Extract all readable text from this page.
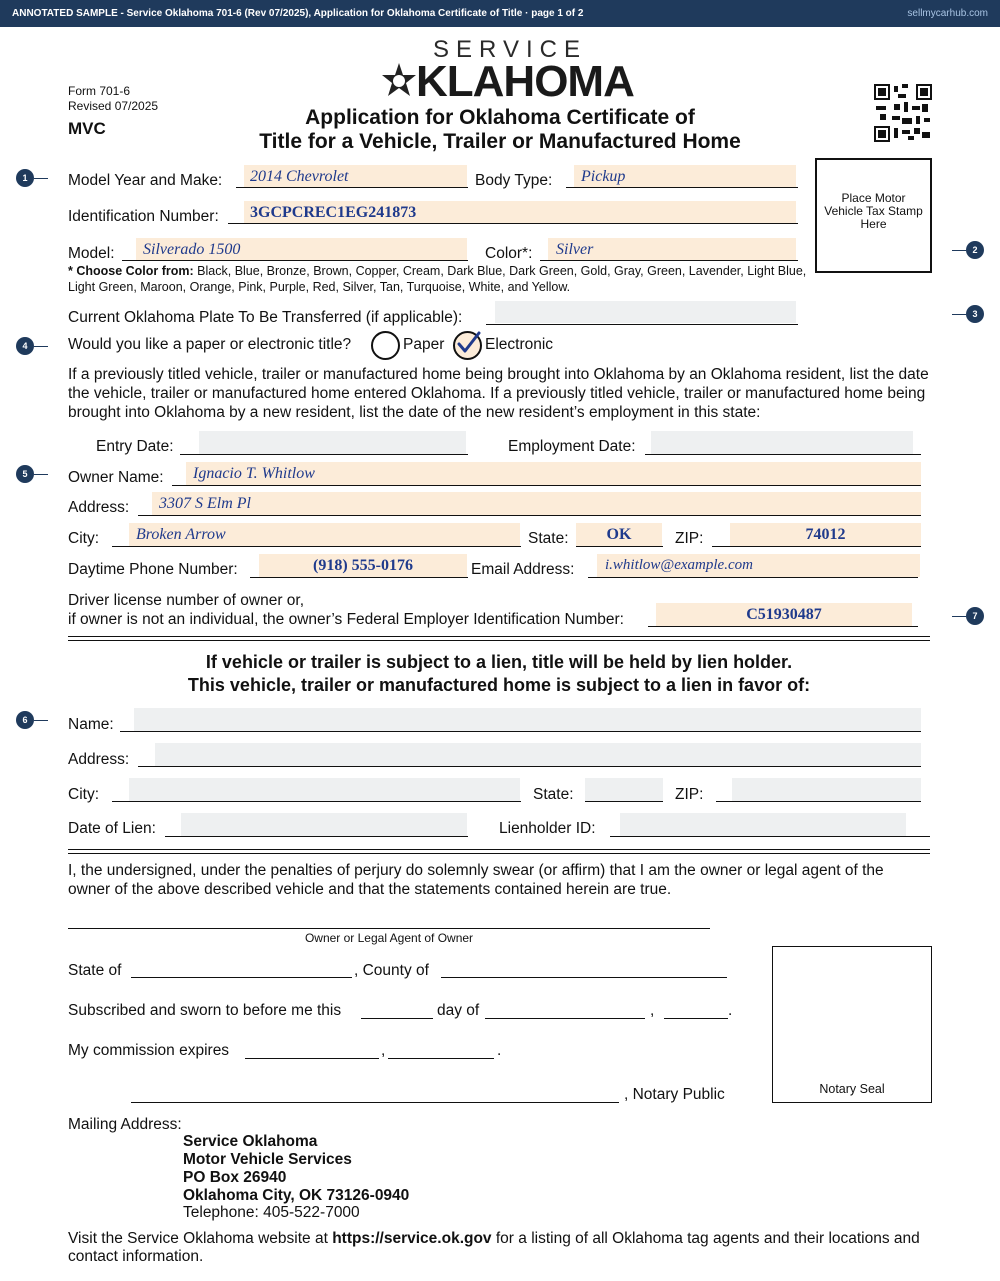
ANNOTATED SAMPLE - Service Oklahoma 701-6 (Rev 07/2025), Application for Oklahoma Certificate of Title · page 1 of 2	sellmycarhub.com
Form 701-6
Revised 07/2025
MVC
SERVICE
KLAHOMA
Application for Oklahoma Certificate of
Title for a Vehicle, Trailer or Manufactured Home
Place Motor Vehicle Tax Stamp Here
1
2
3
4
5
6
7
Model Year and Make: 2014 Chevrolet	Body Type: Pickup
Identification Number: 3GCPCREC1EG241873
Model: Silverado 1500	Color*: Silver
* Choose Color from: Black, Blue, Bronze, Brown, Copper, Cream, Dark Blue, Dark Green, Gold, Gray, Green, Lavender, Light Blue, Light Green, Maroon, Orange, Pink, Purple, Red, Silver, Tan, Turquoise, White, and Yellow.
Current Oklahoma Plate To Be Transferred (if applicable):
Would you like a paper or electronic title?	Paper	Electronic
If a previously titled vehicle, trailer or manufactured home being brought into Oklahoma by an Oklahoma resident, list the date the vehicle, trailer or manufactured home entered Oklahoma. If a previously titled vehicle, trailer or manufactured home being brought into Oklahoma by a new resident, list the date of the new resident’s employment in this state:
Entry Date:	Employment Date:
Owner Name: Ignacio T. Whitlow
Address: 3307 S Elm Pl
City: Broken Arrow	State:	OK	ZIP:	74012
Daytime Phone Number:	(918) 555-0176	Email Address: i.whitlow@example.com
Driver license number of owner or,
if owner is not an individual, the owner’s Federal Employer Identification Number:	C51930487
If vehicle or trailer is subject to a lien, title will be held by lien holder.
This vehicle, trailer or manufactured home is subject to a lien in favor of:
Name:
Address:
City:	State:	ZIP:
Date of Lien:	Lienholder ID:
I, the undersigned, under the penalties of perjury do solemnly swear (or affirm) that I am the owner or legal agent of the owner of the above described vehicle and that the statements contained herein are true.
Owner or Legal Agent of Owner
State of	, County of
Subscribed and sworn to before me this	day of	,	.
My commission expires	,	.
, Notary Public	Notary Seal
Mailing Address:
Service Oklahoma
Motor Vehicle Services
PO Box 26940
Oklahoma City, OK 73126-0940
Telephone: 405-522-7000
Visit the Service Oklahoma website at https://service.ok.gov for a listing of all Oklahoma tag agents and their locations and contact information.
